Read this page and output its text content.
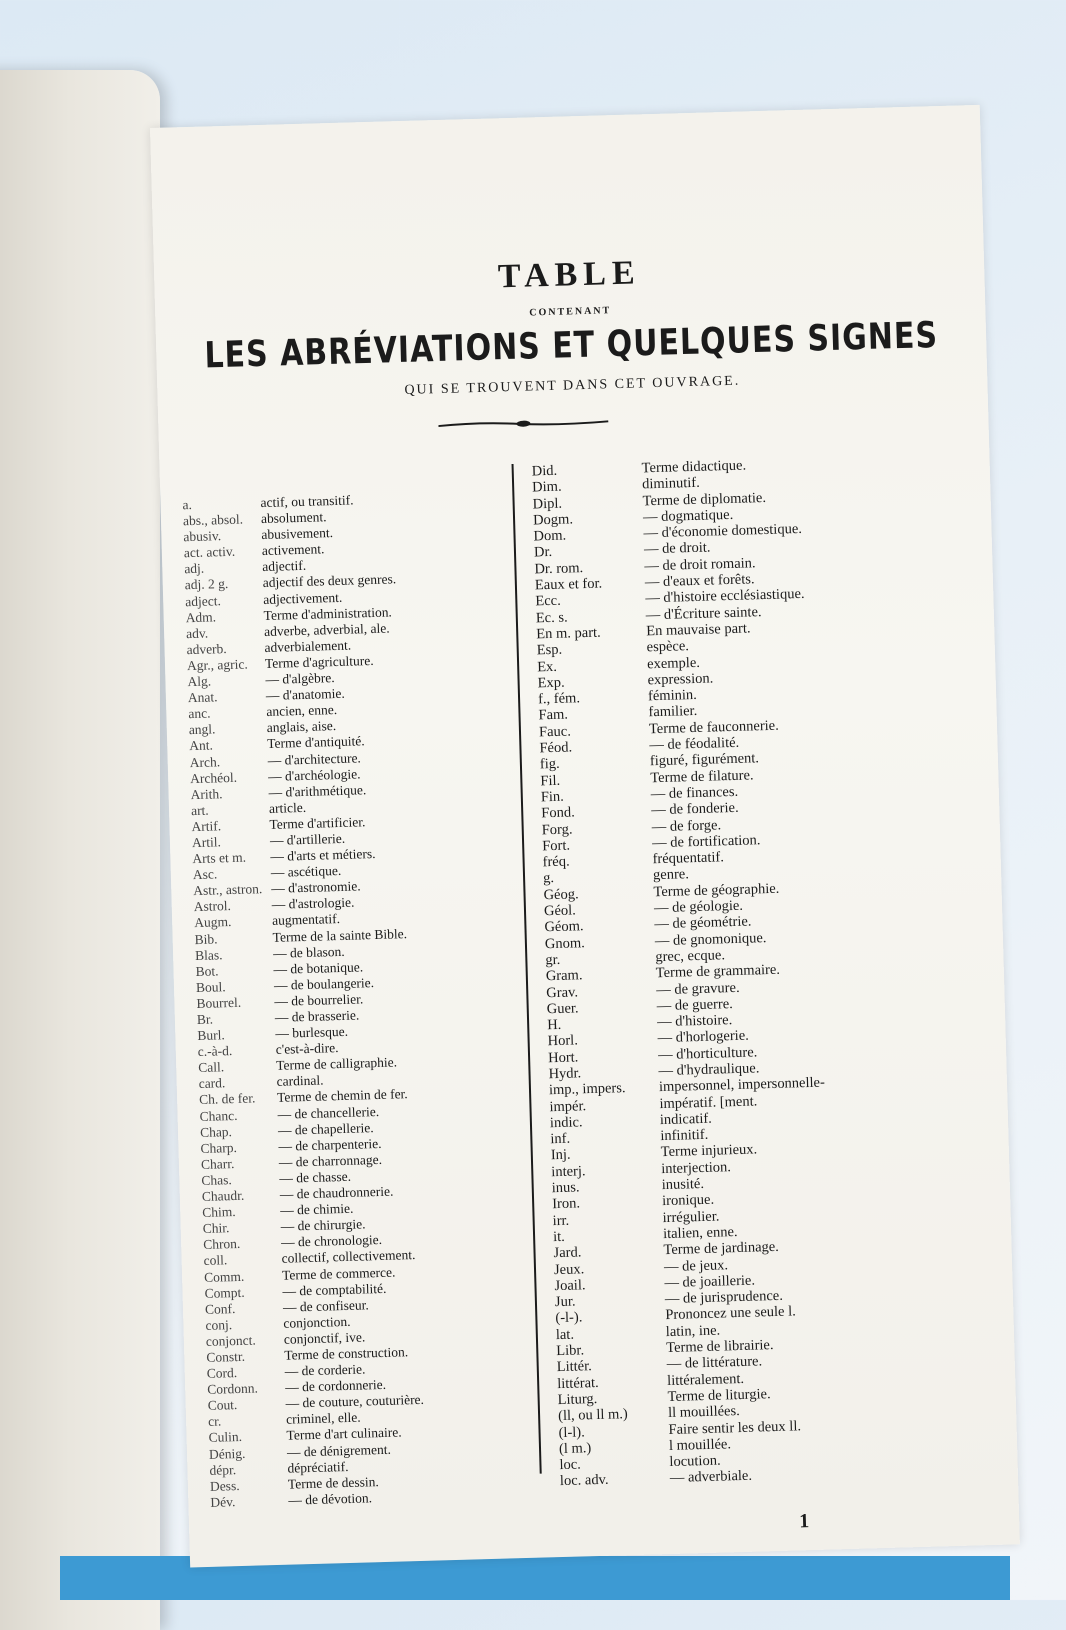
TABLE
CONTENANT
LES ABRÉVIATIONS ET QUELQUES SIGNES
QUI SE TROUVENT DANS CET OUVRAGE.
a.	actif, ou transitif.
abs., absol.	absolument.
abusiv.	abusivement.
act. activ.	activement.
adj.	adjectif.
adj. 2 g.	adjectif des deux genres.
adject.	adjectivement.
Adm.	Terme d'administration.
adv.	adverbe, adverbial, ale.
adverb.	adverbialement.
Agr., agric.	Terme d'agriculture.
Alg.	— d'algèbre.
Anat.	— d'anatomie.
anc.	ancien, enne.
angl.	anglais, aise.
Ant.	Terme d'antiquité.
Arch.	— d'architecture.
Archéol.	— d'archéologie.
Arith.	— d'arithmétique.
art.	article.
Artif.	Terme d'artificier.
Artil.	— d'artillerie.
Arts et m.	— d'arts et métiers.
Asc.	— ascétique.
Astr., astron. — d'astronomie.
Astrol.	— d'astrologie.
Augm.	augmentatif.
Bib.	Terme de la sainte Bible.
Blas.	— de blason.
Bot.	— de botanique.
Boul.	— de boulangerie.
Bourrel.	— de bourrelier.
Br.	— de brasserie.
Burl.	— burlesque.
c.-à-d.	c'est-à-dire.
Call.	Terme de calligraphie.
card.	cardinal.
Ch. de fer.	Terme de chemin de fer.
Chanc.	— de chancellerie.
Chap.	— de chapellerie.
Charp.	— de charpenterie.
Charr.	— de charronnage.
Chas.	— de chasse.
Chaudr.	— de chaudronnerie.
Chim.	— de chimie.
Chir.	— de chirurgie.
Chron.	— de chronologie.
coll.	collectif, collectivement.
Comm.	Terme de commerce.
Compt.	— de comptabilité.
Conf.	— de confiseur.
conj.	conjonction.
conjonct.	conjonctif, ive.
Constr.	Terme de construction.
Cord.	— de corderie.
Cordonn.	— de cordonnerie.
Cout.	— de couture, couturière.
cr.	criminel, elle.
Culin.	Terme d'art culinaire.
Dénig.	— de dénigrement.
dépr.	dépréciatif.
Dess.	Terme de dessin.
Dév.	— de dévotion.
Did.	Terme didactique.
Dim.	diminutif.
Dipl.	Terme de diplomatie.
Dogm.	— dogmatique.
Dom.	— d'économie domestique.
Dr.	— de droit.
Dr. rom.	— de droit romain.
Eaux et for.	— d'eaux et forêts.
Ecc.	— d'histoire ecclésiastique.
Ec. s.	— d'Écriture sainte.
En m. part.	En mauvaise part.
Esp.	espèce.
Ex.	exemple.
Exp.	expression.
f., fém.	féminin.
Fam.	familier.
Fauc.	Terme de fauconnerie.
Féod.	— de féodalité.
fig.	figuré, figurément.
Fil.	Terme de filature.
Fin.	— de finances.
Fond.	— de fonderie.
Forg.	— de forge.
Fort.	— de fortification.
fréq.	fréquentatif.
g.	genre.
Géog.	Terme de géographie.
Géol.	— de géologie.
Géom.	— de géométrie.
Gnom.	— de gnomonique.
gr.	grec, ecque.
Gram.	Terme de grammaire.
Grav.	— de gravure.
Guer.	— de guerre.
H.	— d'histoire.
Horl.	— d'horlogerie.
Hort.	— d'horticulture.
Hydr.	— d'hydraulique.
imp., impers.	impersonnel, impersonnelle-
impér.	impératif. [ment.
indic.	indicatif.
inf.	infinitif.
Inj.	Terme injurieux.
interj.	interjection.
inus.	inusité.
Iron.	ironique.
irr.	irrégulier.
it.	italien, enne.
Jard.	Terme de jardinage.
Jeux.	— de jeux.
Joail.	— de joaillerie.
Jur.	— de jurisprudence.
(-l-).	Prononcez une seule l.
lat.	latin, ine.
Libr.	Terme de librairie.
Littér.	— de littérature.
littérat.	littéralement.
Liturg.	Terme de liturgie.
(ll, ou ll m.)	ll mouillées.
(l-l).	Faire sentir les deux ll.
(l m.)	l mouillée.
loc.	locution.
loc. adv.	— adverbiale.
1
